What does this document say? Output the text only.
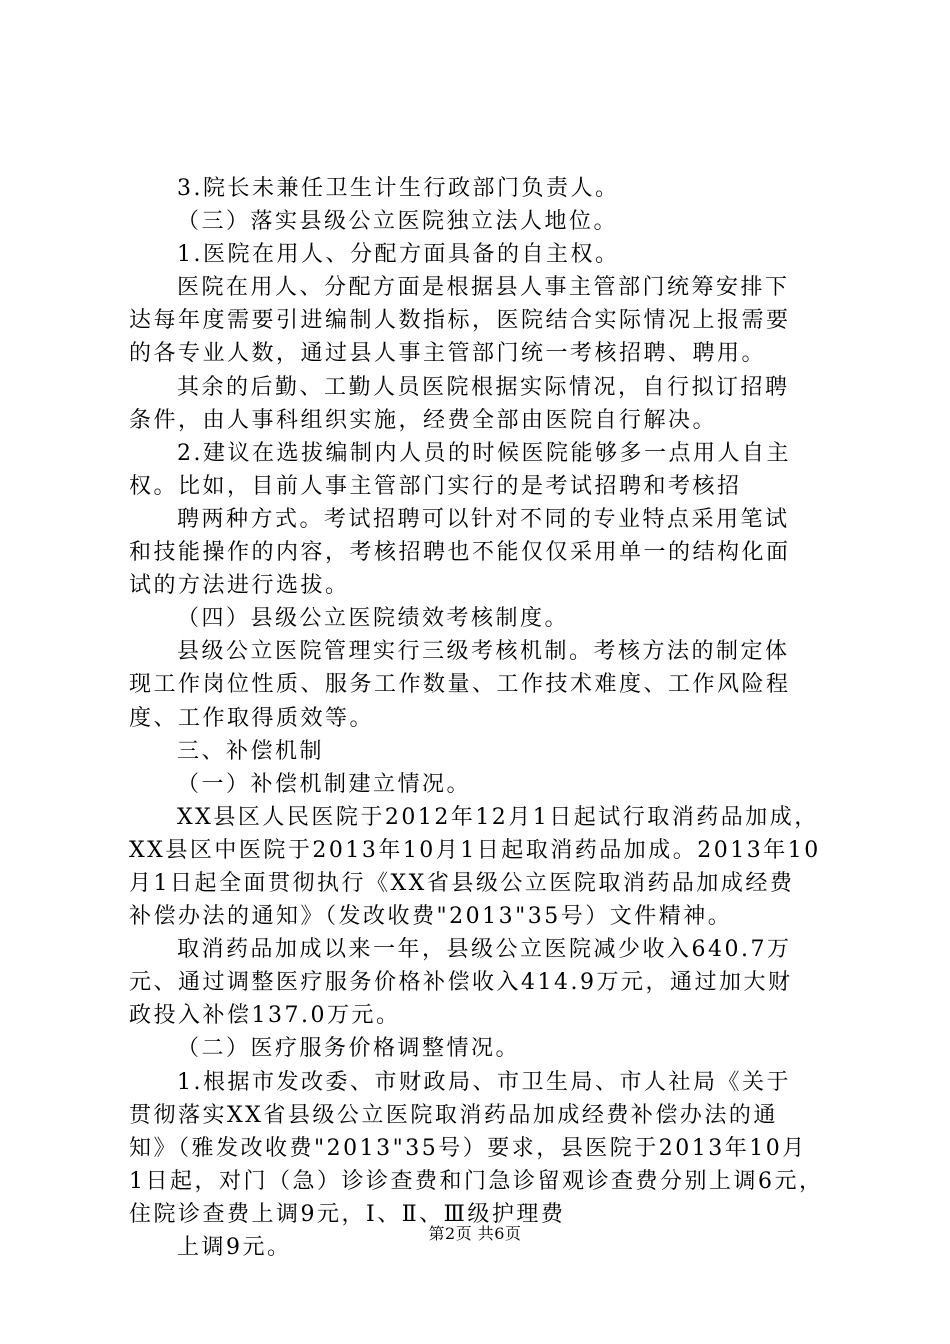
3.院长未兼任卫生计生行政部门负责人。
（三）落实县级公立医院独立法人地位。
1.医院在用人、分配方面具备的自主权。
医院在用人、分配方面是根据县人事主管部门统筹安排下
达每年度需要引进编制人数指标，医院结合实际情况上报需要
的各专业人数，通过县人事主管部门统一考核招聘、聘用。
其余的后勤、工勤人员医院根据实际情况，自行拟订招聘
条件，由人事科组织实施，经费全部由医院自行解决。
2.建议在选拔编制内人员的时候医院能够多一点用人自主
权。比如，目前人事主管部门实行的是考试招聘和考核招
聘两种方式。考试招聘可以针对不同的专业特点采用笔试
和技能操作的内容，考核招聘也不能仅仅采用单一的结构化面
试的方法进行选拔。
（四）县级公立医院绩效考核制度。
县级公立医院管理实行三级考核机制。考核方法的制定体
现工作岗位性质、服务工作数量、工作技术难度、工作风险程
度、工作取得质效等。
三、补偿机制
（一）补偿机制建立情况。
XX县区人民医院于2012年12月1日起试行取消药品加成，
XX县区中医院于2013年10月1日起取消药品加成。2013年10
月1日起全面贯彻执行《XX省县级公立医院取消药品加成经费
补偿办法的通知》（发改收费"2013"35号）文件精神。
取消药品加成以来一年，县级公立医院减少收入640.7万
元、通过调整医疗服务价格补偿收入414.9万元，通过加大财
政投入补偿137.0万元。
（二）医疗服务价格调整情况。
1.根据市发改委、市财政局、市卫生局、市人社局《关于
贯彻落实XX省县级公立医院取消药品加成经费补偿办法的通
知》（雅发改收费"2013"35号）要求，县医院于2013年10月
1日起，对门（急）诊诊查费和门急诊留观诊查费分别上调6元，
住院诊查费上调9元，Ⅰ、Ⅱ、Ⅲ级护理费
上调9元。
第2页 共6页
